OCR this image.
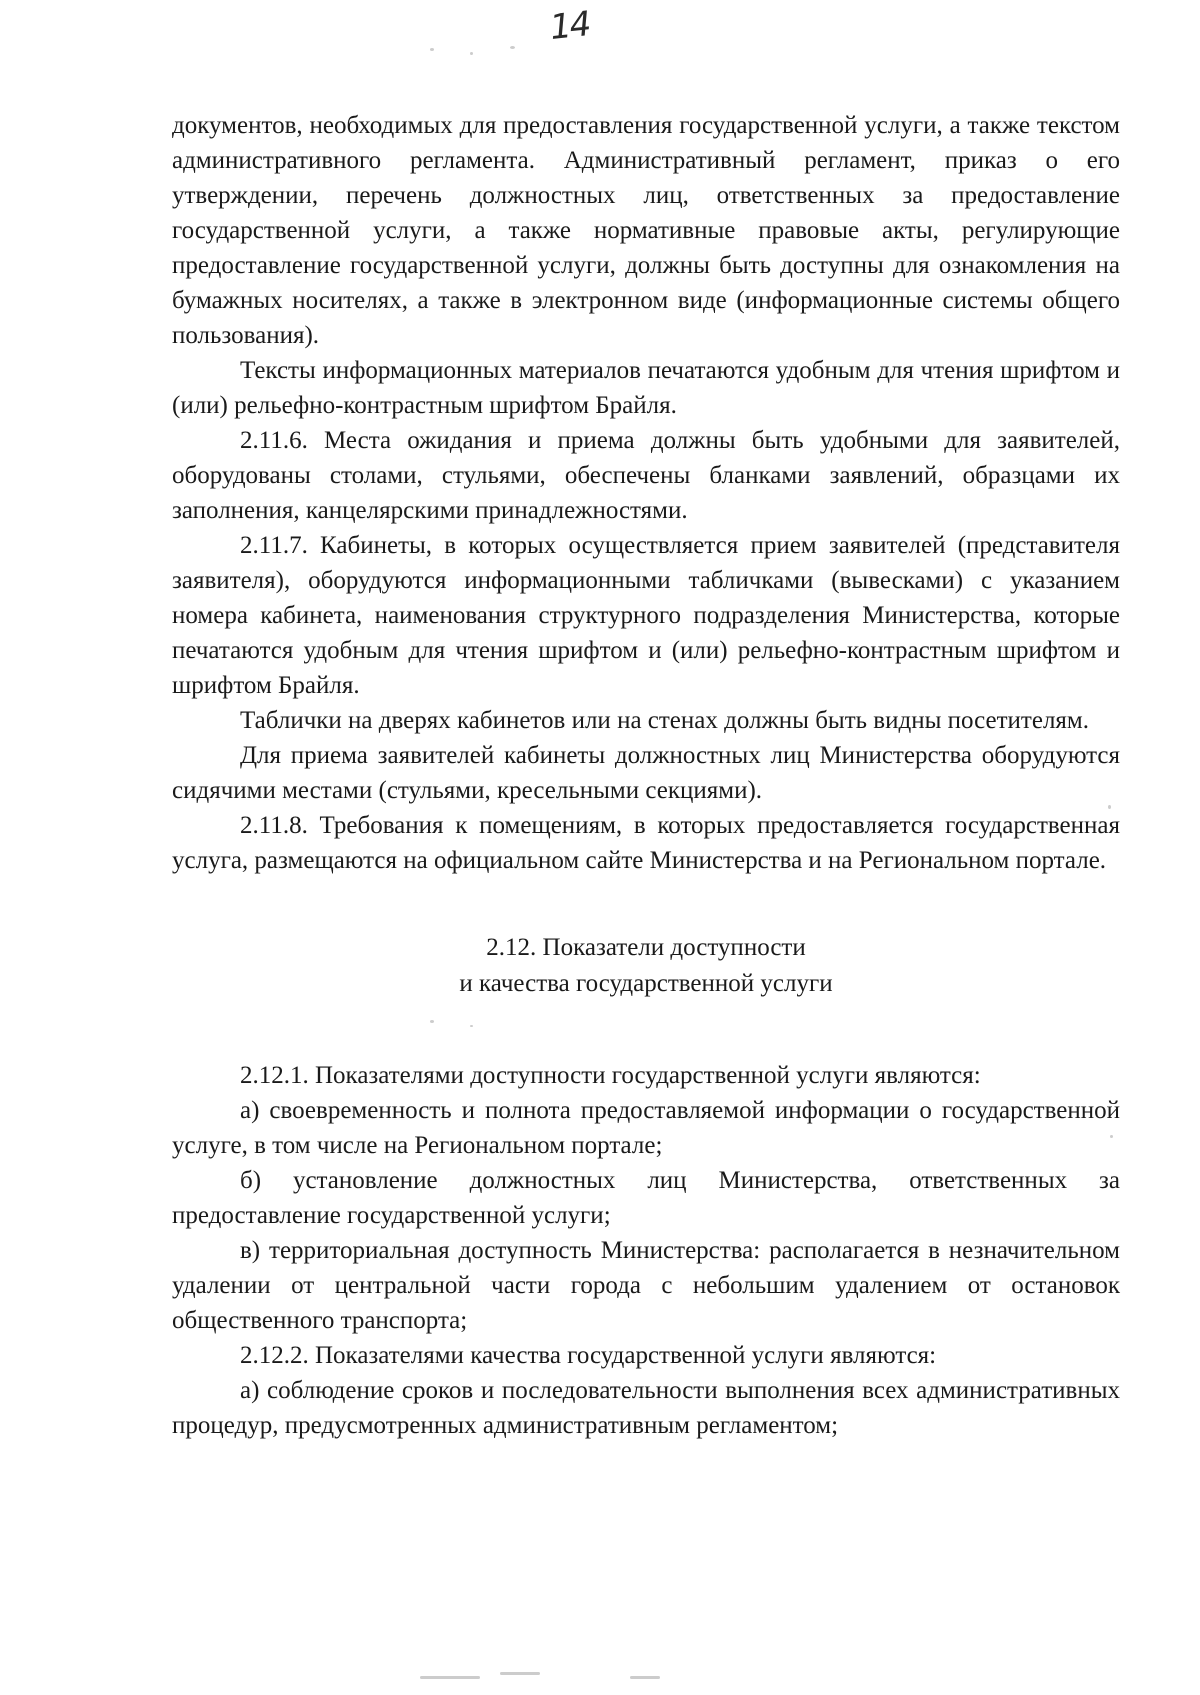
14

документов, необходимых для предоставления государственной услуги, а также текстом административного регламента. Административный регламент, приказ о его утверждении, перечень должностных лиц, ответственных за предоставление государственной услуги, а также нормативные правовые акты, регулирующие предоставление государственной услуги, должны быть доступны для ознакомления на бумажных носителях, а также в электронном виде (информационные системы общего пользования).

Тексты информационных материалов печатаются удобным для чтения шрифтом и (или) рельефно-контрастным шрифтом Брайля.

2.11.6. Места ожидания и приема должны быть удобными для заявителей, оборудованы столами, стульями, обеспечены бланками заявлений, образцами их заполнения, канцелярскими принадлежностями.

2.11.7. Кабинеты, в которых осуществляется прием заявителей (представителя заявителя), оборудуются информационными табличками (вывесками) с указанием номера кабинета, наименования структурного подразделения Министерства, которые печатаются удобным для чтения шрифтом и (или) рельефно-контрастным шрифтом и шрифтом Брайля.

Таблички на дверях кабинетов или на стенах должны быть видны посетителям.

Для приема заявителей кабинеты должностных лиц Министерства оборудуются сидячими местами (стульями, кресельными секциями).

2.11.8. Требования к помещениям, в которых предоставляется государственная услуга, размещаются на официальном сайте Министерства и на Региональном портале.

2.12. Показатели доступности

и качества государственной услуги

2.12.1. Показателями доступности государственной услуги являются:

а) своевременность и полнота предоставляемой информации о государственной услуге, в том числе на Региональном портале;

б) установление должностных лиц Министерства, ответственных за предоставление государственной услуги;

в) территориальная доступность Министерства: располагается в незначительном удалении от центральной части города с небольшим удалением от остановок общественного транспорта;

2.12.2. Показателями качества государственной услуги являются:

а) соблюдение сроков и последовательности выполнения всех административных процедур, предусмотренных административным регламентом;
